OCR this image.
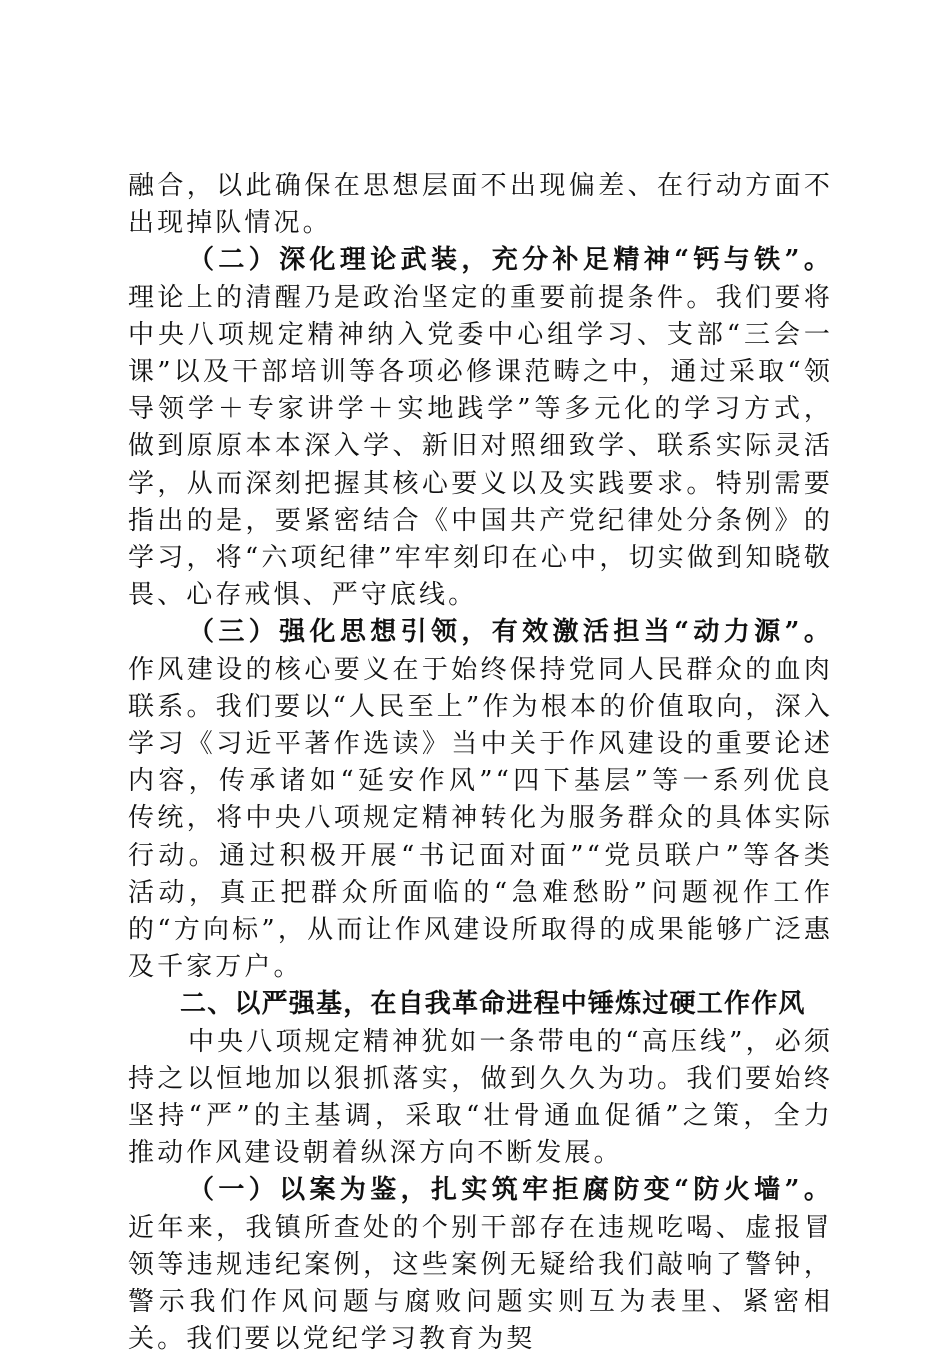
融合，以此确保在思想层面不出现偏差、在行动方面不出现掉队情况。

（二）深化理论武装，充分补足精神“钙与铁”。理论上的清醒乃是政治坚定的重要前提条件。我们要将中央八项规定精神纳入党委中心组学习、支部“三会一课”以及干部培训等各项必修课范畴之中，通过采取“领导领学＋专家讲学＋实地践学”等多元化的学习方式，做到原原本本深入学、新旧对照细致学、联系实际灵活学，从而深刻把握其核心要义以及实践要求。特别需要指出的是，要紧密结合《中国共产党纪律处分条例》的学习，将“六项纪律”牢牢刻印在心中，切实做到知晓敬畏、心存戒惧、严守底线。

（三）强化思想引领，有效激活担当“动力源”。作风建设的核心要义在于始终保持党同人民群众的血肉联系。我们要以“人民至上”作为根本的价值取向，深入学习《习近平著作选读》当中关于作风建设的重要论述内容，传承诸如“延安作风”“四下基层”等一系列优良传统，将中央八项规定精神转化为服务群众的具体实际行动。通过积极开展“书记面对面”“党员联户”等各类活动，真正把群众所面临的“急难愁盼”问题视作工作的“方向标”，从而让作风建设所取得的成果能够广泛惠及千家万户。

二、以严强基，在自我革命进程中锤炼过硬工作作风

中央八项规定精神犹如一条带电的“高压线”，必须持之以恒地加以狠抓落实，做到久久为功。我们要始终坚持“严”的主基调，采取“壮骨通血促循”之策，全力推动作风建设朝着纵深方向不断发展。

（一）以案为鉴，扎实筑牢拒腐防变“防火墙”。近年来，我镇所查处的个别干部存在违规吃喝、虚报冒领等违规违纪案例，这些案例无疑给我们敲响了警钟，警示我们作风问题与腐败问题实则互为表里、紧密相关。我们要以党纪学习教育为契
